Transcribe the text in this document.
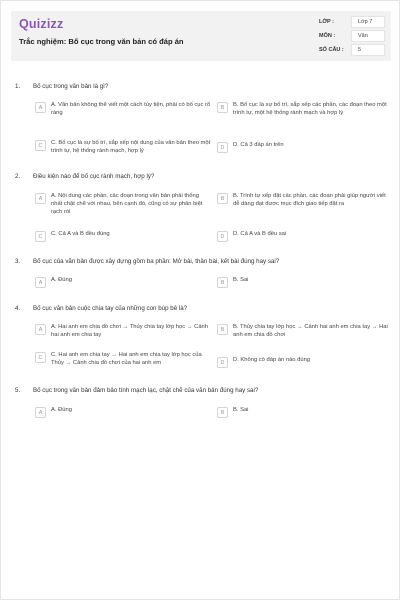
Quizizz
Trắc nghiệm: Bố cục trong văn bản có đáp án
LỚP :	Lớp 7
MÔN :	Văn
SỐ CÂU :	5
1.	Bố cục trong văn bản là gì?
A	A. Văn bản không thể viết một cách tùy tiện, phải có bố cục rõ ràng
B	B. Bố cục là sự bố trí, sắp xếp các phần, các đoạn theo một trình tự, một hệ thống rành mạch và hợp lý
C	C. Bố cục là sự bố trí, sắp xếp nội dung của văn bản theo một trình tự, hệ thống rành mạch, hợp lý
D	D. Cả 3 đáp án trên
2.	Điều kiện nào để bố cục rành mạch, hợp lý?
A	A. Nội dung các phần, các đoạn trong văn bản phải thống nhất chặt chẽ với nhau, bên cạnh đó, cũng có sự phân biệt rạch ròi
B	B. Trình tự xếp đặt các phần, các đoạn phải giúp người viết dễ dàng đạt được mục đích giao tiếp đặt ra
C	C. Cả A và B đều đúng	D	D. Cả A và B đều sai
3.	Bố cục của văn bản được xây dựng gồm ba phần: Mở bài, thân bài, kết bài đúng hay sai?
A	A. Đúng	B	B. Sai
4.	Bố cục văn bản cuộc chia tay của những con búp bê là?
A	A. Hai anh em chia đồ chơi → Thủy chia tay lớp học → Cảnh hai anh em chia tay
B	B. Thủy chia tay lớp học → Cảnh hai anh em chia tay → Hai anh em chia đồ chơi
C	C. Hai anh em chia tay → Hai anh em chia tay lớp học của Thủy → Cảnh chia đồ chơi của hai anh em	D	D. Không có đáp án nào đúng
5.	Bố cục trong văn bản đảm bảo tính mạch lạc, chặt chẽ của văn bản đúng hay sai?
A	A. Đúng	B	B. Sai
